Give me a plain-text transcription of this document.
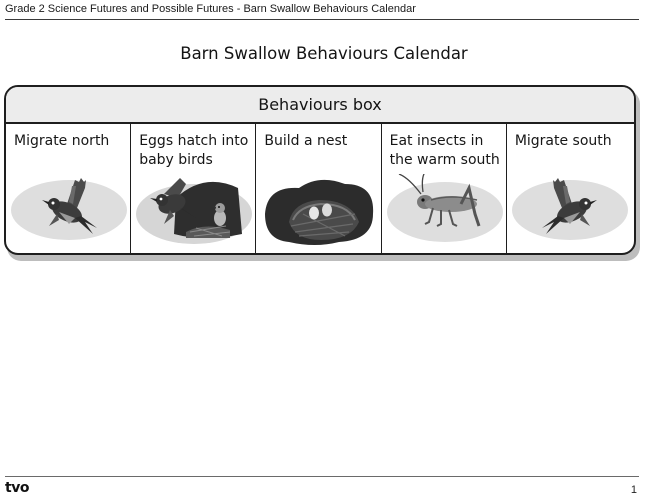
Grade 2 Science Futures and Possible Futures - Barn Swallow Behaviours Calendar
Barn Swallow Behaviours Calendar
Behaviours box
Migrate north	Eggs hatch into baby birds
Build a nest	Eat insects in the warm south
Migrate south
tvo	1
